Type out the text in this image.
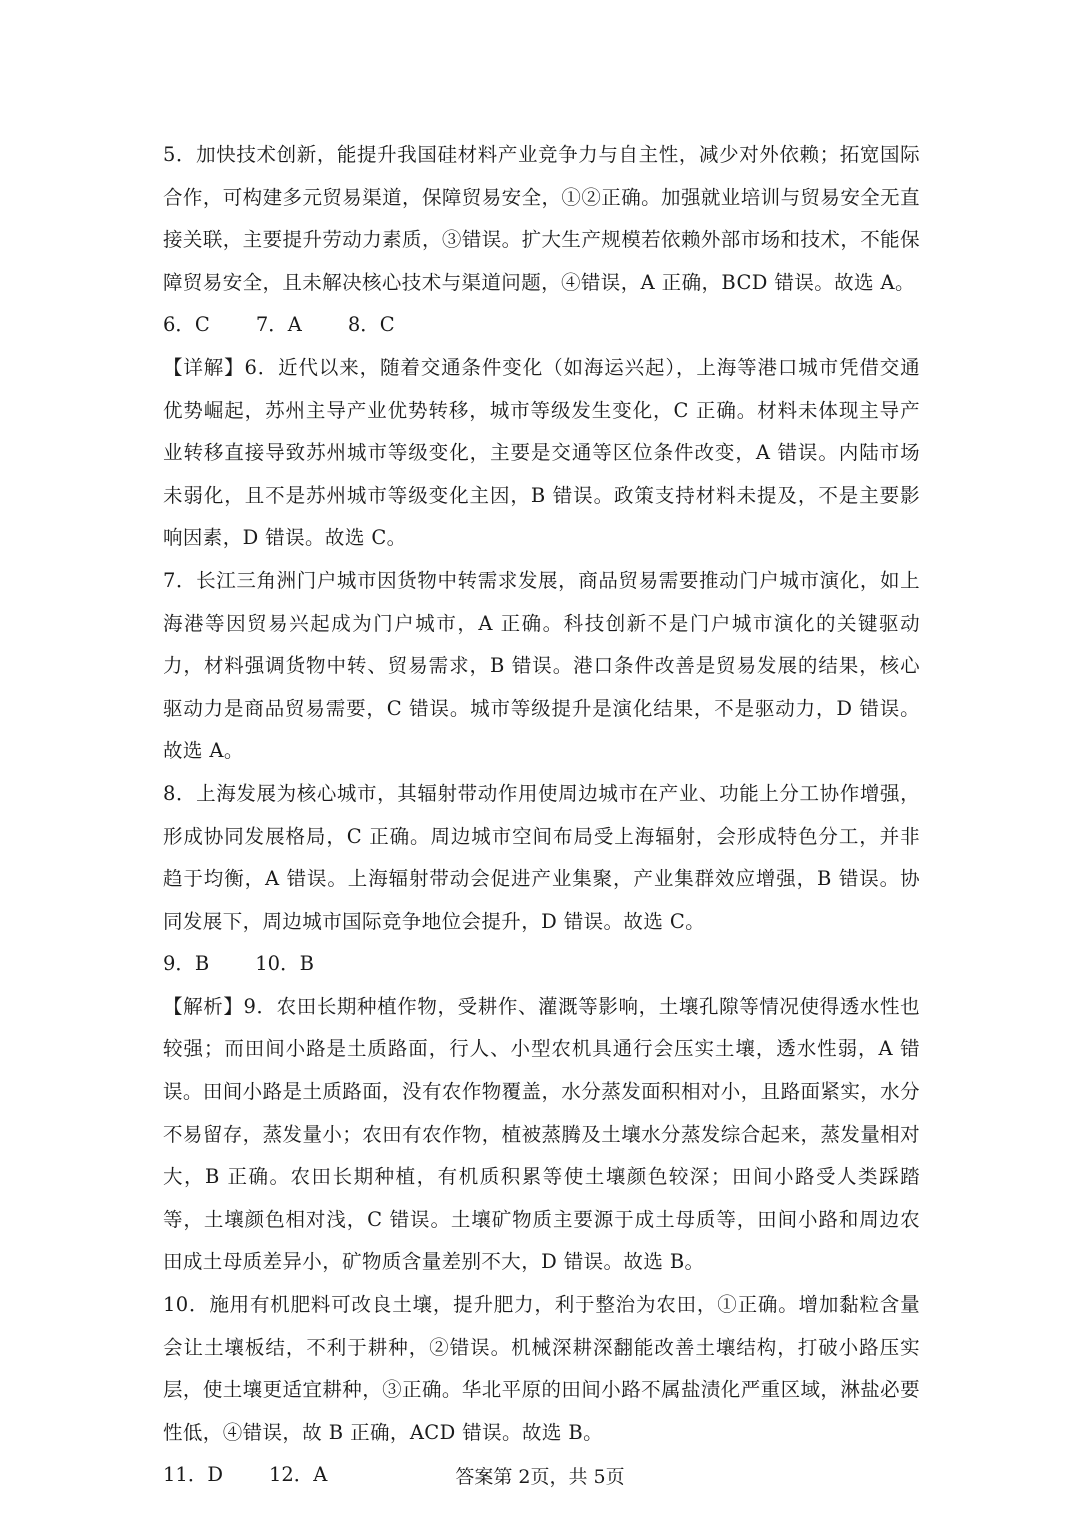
5．加快技术创新，能提升我国硅材料产业竞争力与自主性，减少对外依赖；拓宽国际合作，可构建多元贸易渠道，保障贸易安全，①②正确。加强就业培训与贸易安全无直接关联，主要提升劳动力素质，③错误。扩大生产规模若依赖外部市场和技术，不能保障贸易安全，且未解决核心技术与渠道问题，④错误，A 正确，BCD 错误。故选 A。

6．C 7．A 8．C

【详解】6．近代以来，随着交通条件变化（如海运兴起），上海等港口城市凭借交通优势崛起，苏州主导产业优势转移，城市等级发生变化，C 正确。材料未体现主导产业转移直接导致苏州城市等级变化，主要是交通等区位条件改变，A 错误。内陆市场未弱化，且不是苏州城市等级变化主因，B 错误。政策支持材料未提及，不是主要影响因素，D 错误。故选 C。

7．长江三角洲门户城市因货物中转需求发展，商品贸易需要推动门户城市演化，如上海港等因贸易兴起成为门户城市，A 正确。科技创新不是门户城市演化的关键驱动力，材料强调货物中转、贸易需求，B 错误。港口条件改善是贸易发展的结果，核心驱动力是商品贸易需要，C 错误。城市等级提升是演化结果，不是驱动力，D 错误。故选 A。

8．上海发展为核心城市，其辐射带动作用使周边城市在产业、功能上分工协作增强，形成协同发展格局，C 正确。周边城市空间布局受上海辐射，会形成特色分工，并非趋于均衡，A 错误。上海辐射带动会促进产业集聚，产业集群效应增强，B 错误。协同发展下，周边城市国际竞争地位会提升，D 错误。故选 C。

9．B 10．B

【解析】9．农田长期种植作物，受耕作、灌溉等影响，土壤孔隙等情况使得透水性也较强；而田间小路是土质路面，行人、小型农机具通行会压实土壤，透水性弱，A 错误。田间小路是土质路面，没有农作物覆盖，水分蒸发面积相对小，且路面紧实，水分不易留存，蒸发量小；农田有农作物，植被蒸腾及土壤水分蒸发综合起来，蒸发量相对大，B 正确。农田长期种植，有机质积累等使土壤颜色较深；田间小路受人类踩踏等，土壤颜色相对浅，C 错误。土壤矿物质主要源于成土母质等，田间小路和周边农田成土母质差异小，矿物质含量差别不大，D 错误。故选 B。

10．施用有机肥料可改良土壤，提升肥力，利于整治为农田，①正确。增加黏粒含量会让土壤板结，不利于耕种，②错误。机械深耕深翻能改善土壤结构，打破小路压实层，使土壤更适宜耕种，③正确。华北平原的田间小路不属盐渍化严重区域，淋盐必要性低，④错误，故 B 正确，ACD 错误。故选 B。

11．D 12．A	答案第 2页，共 5页
